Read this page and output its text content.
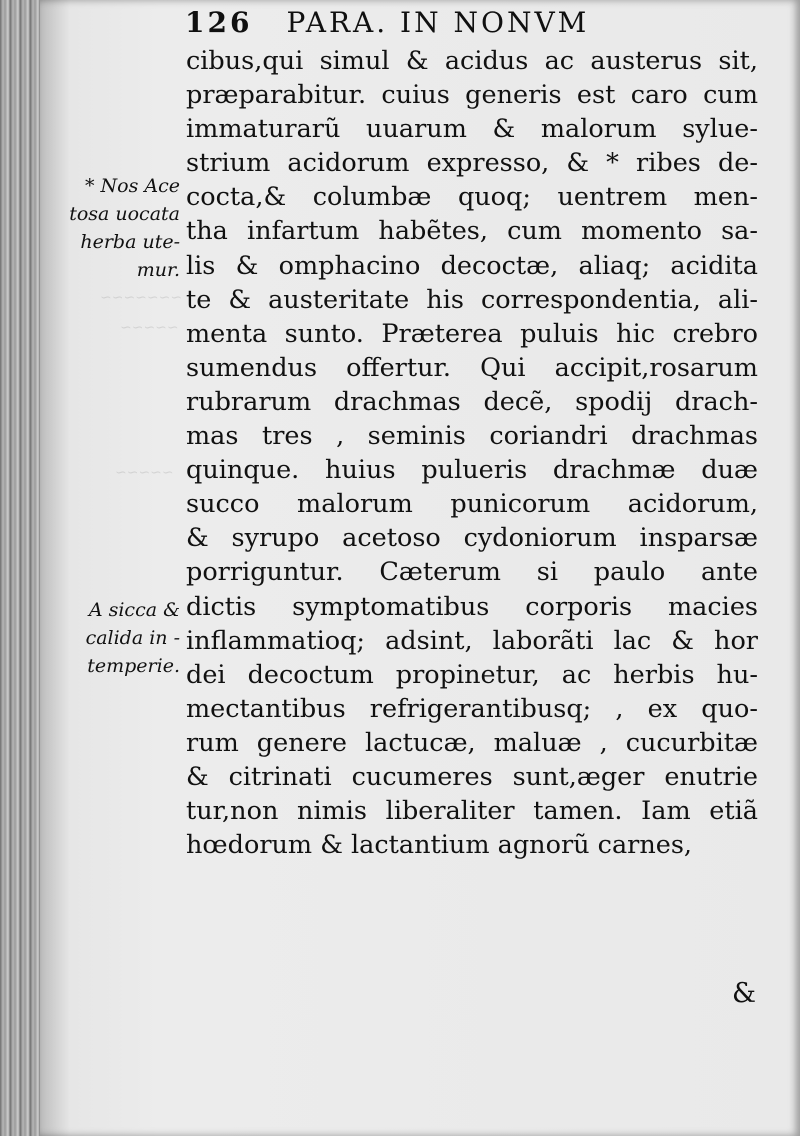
~~~~~~~
~~~~~
~~~~~
126 PARA. IN NONVM
cibus,qui simul & acidus ac austerus sit,
præparabitur. cuius generis est caro cum
immaturarũ uuarum & malorum sylue-
strium acidorum expresso, & * ribes de-
cocta,& columbæ quoq; uentrem men-
tha infartum habẽtes, cum momento sa-
lis & omphacino decoctæ, aliaq; acidita
te & austeritate his correspondentia, ali-
menta sunto. Præterea puluis hic crebro
sumendus offertur. Qui accipit,rosarum
rubrarum drachmas decẽ, spodij drach-
mas tres , seminis coriandri drachmas
quinque. huius pulueris drachmæ duæ
succo malorum punicorum acidorum,
& syrupo acetoso cydoniorum insparsæ
porriguntur. Cæterum si paulo ante
dictis symptomatibus corporis macies
inflammatioq; adsint, laborãti lac & hor
dei decoctum propinetur, ac herbis hu-
mectantibus refrigerantibusq; , ex quo-
rum genere lactucæ, maluæ , cucurbitæ
& citrinati cucumeres sunt,æger enutrie
tur,non nimis liberaliter tamen. Iam etiã
hœdorum & lactantium agnorũ carnes,
&
* Nos Ace
tosa uocata
herba ute-
mur.
A sicca &
calida in -
temperie.
